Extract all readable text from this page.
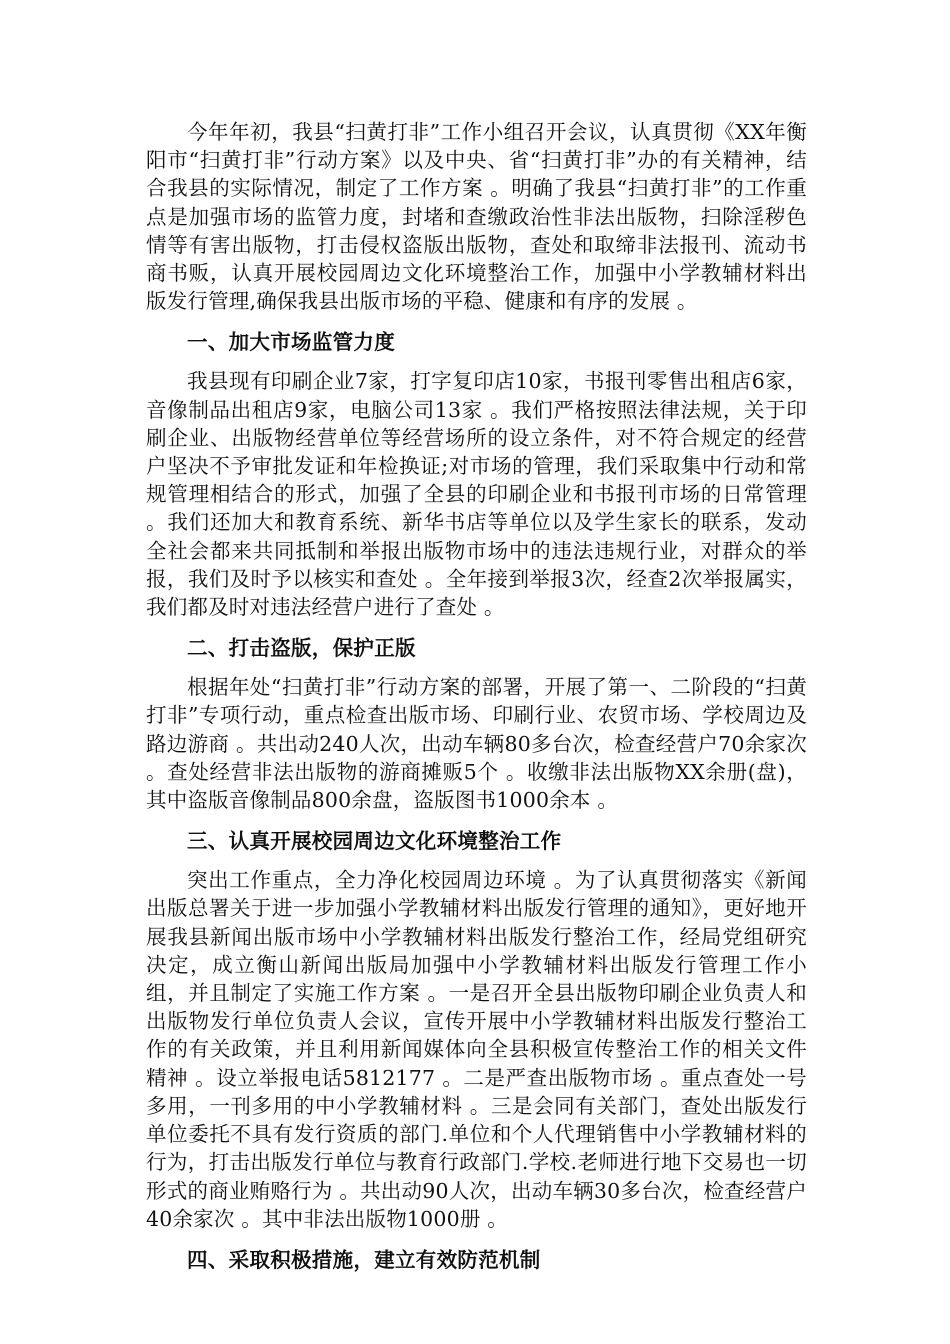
今年年初，我县“扫黄打非”工作小组召开会议，认真贯彻《XX年衡阳市“扫黄打非”行动方案》以及中央、省“扫黄打非”办的有关精神，结合我县的实际情况，制定了工作方案 。明确了我县“扫黄打非”的工作重点是加强市场的监管力度，封堵和查缴政治性非法出版物，扫除淫秽色情等有害出版物，打击侵权盗版出版物，查处和取缔非法报刊、流动书商书贩，认真开展校园周边文化环境整治工作，加强中小学教辅材料出版发行管理,确保我县出版市场的平稳、健康和有序的发展 。

一、加大市场监管力度

我县现有印刷企业7家，打字复印店10家，书报刊零售出租店6家，音像制品出租店9家，电脑公司13家 。我们严格按照法律法规，关于印刷企业、出版物经营单位等经营场所的设立条件，对不符合规定的经营户坚决不予审批发证和年检换证;对市场的管理，我们采取集中行动和常规管理相结合的形式，加强了全县的印刷企业和书报刊市场的日常管理 。我们还加大和教育系统、新华书店等单位以及学生家长的联系，发动全社会都来共同抵制和举报出版物市场中的违法违规行业，对群众的举报，我们及时予以核实和查处 。全年接到举报3次，经查2次举报属实，我们都及时对违法经营户进行了查处 。

二、打击盗版，保护正版

根据年处“扫黄打非”行动方案的部署，开展了第一、二阶段的“扫黄打非”专项行动，重点检查出版市场、印刷行业、农贸市场、学校周边及路边游商 。共出动240人次，出动车辆80多台次，检查经营户70余家次 。查处经营非法出版物的游商摊贩5个 。收缴非法出版物XX余册(盘)，其中盗版音像制品800余盘，盗版图书1000余本 。

三、认真开展校园周边文化环境整治工作

突出工作重点，全力净化校园周边环境 。为了认真贯彻落实《新闻出版总署关于进一步加强小学教辅材料出版发行管理的通知》，更好地开展我县新闻出版市场中小学教辅材料出版发行整治工作，经局党组研究决定，成立衡山新闻出版局加强中小学教辅材料出版发行管理工作小组，并且制定了实施工作方案 。一是召开全县出版物印刷企业负责人和出版物发行单位负责人会议，宣传开展中小学教辅材料出版发行整治工作的有关政策，并且利用新闻媒体向全县积极宣传整治工作的相关文件精神 。设立举报电话5812177 。二是严查出版物市场 。重点查处一号多用，一刊多用的中小学教辅材料 。三是会同有关部门，查处出版发行单位委托不具有发行资质的部门.单位和个人代理销售中小学教辅材料的行为，打击出版发行单位与教育行政部门.学校.老师进行地下交易也一切形式的商业贿赂行为 。共出动90人次，出动车辆30多台次，检查经营户40余家次 。其中非法出版物1000册 。

四、采取积极措施，建立有效防范机制
